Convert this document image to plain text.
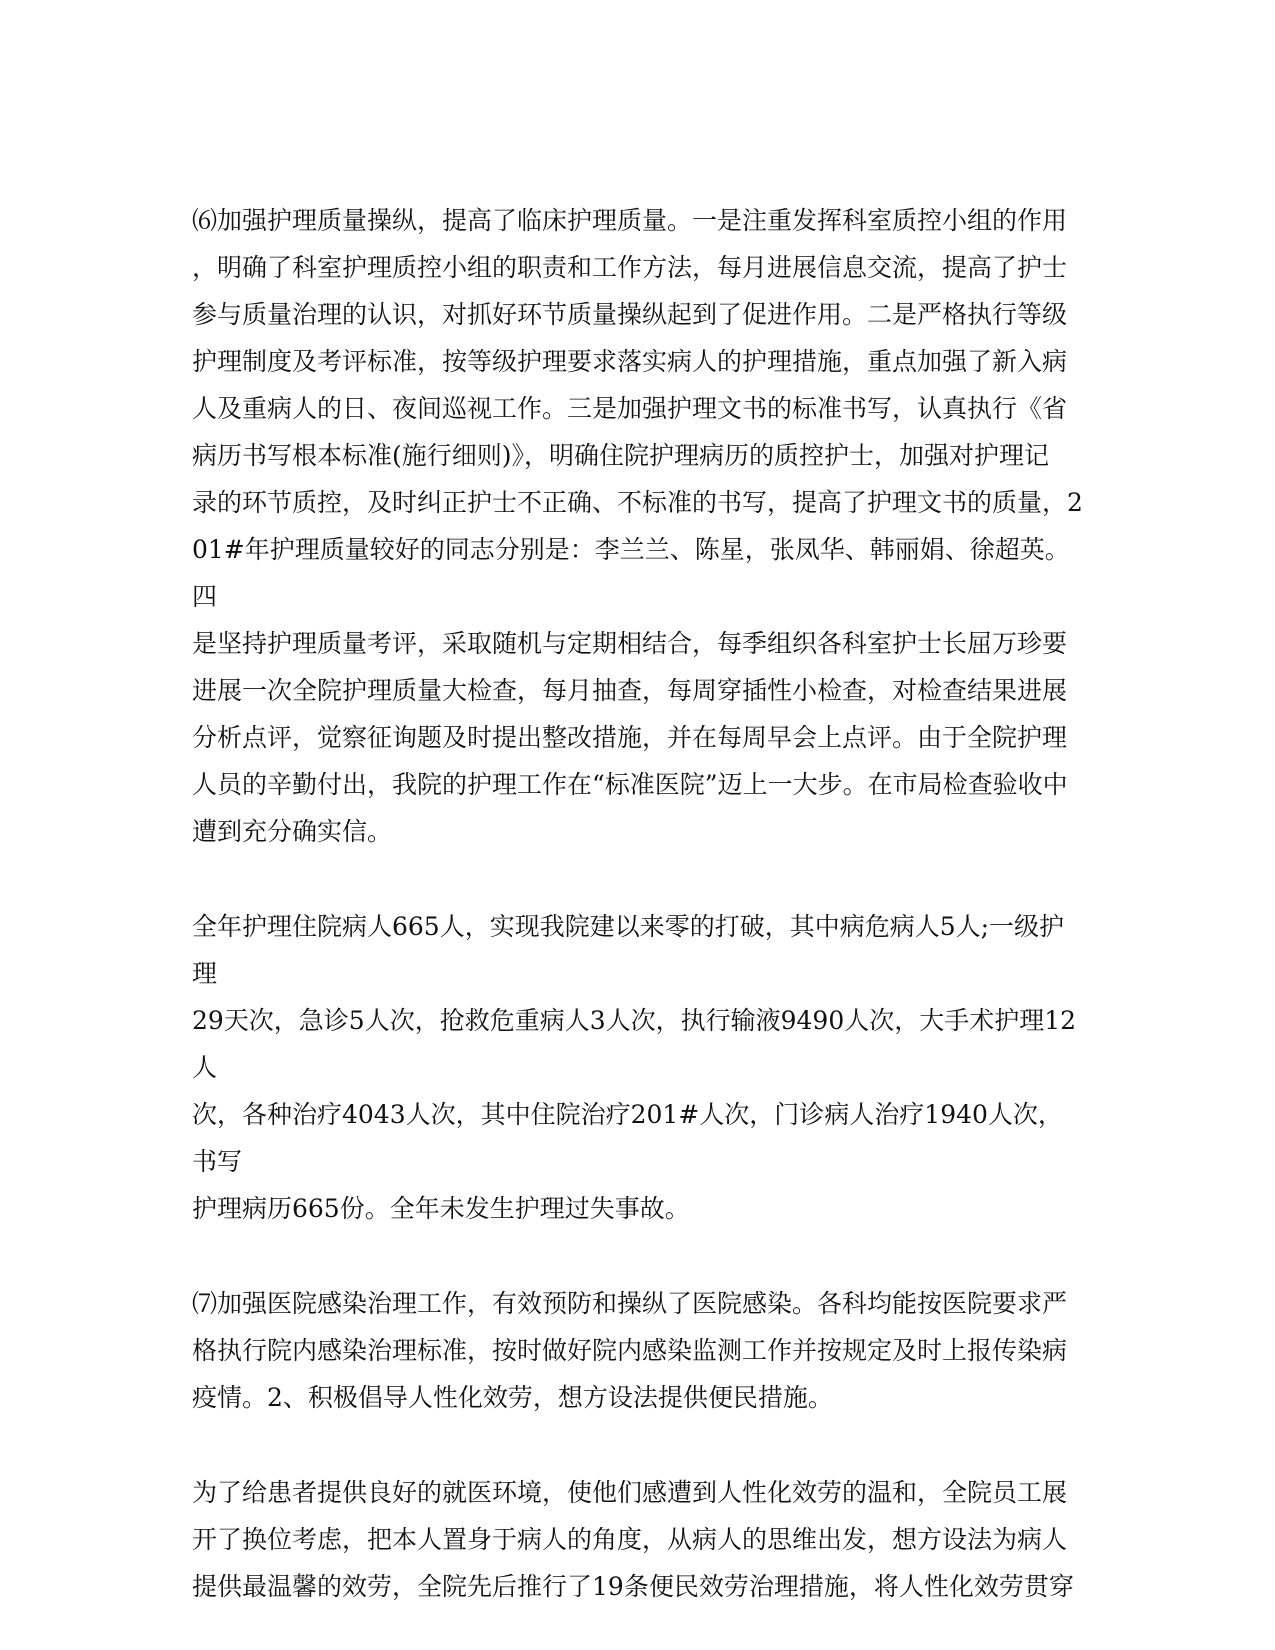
⑹加强护理质量操纵，提高了临床护理质量。一是注重发挥科室质控小组的作用
，明确了科室护理质控小组的职责和工作方法，每月进展信息交流，提高了护士
参与质量治理的认识，对抓好环节质量操纵起到了促进作用。二是严格执行等级
护理制度及考评标准，按等级护理要求落实病人的护理措施，重点加强了新入病
人及重病人的日、夜间巡视工作。三是加强护理文书的标准书写，认真执行《省
病历书写根本标准(施行细则)》，明确住院护理病历的质控护士，加强对护理记
录的环节质控，及时纠正护士不正确、不标准的书写，提高了护理文书的质量，2
01#年护理质量较好的同志分别是：李兰兰、陈星，张凤华、韩丽娟、徐超英。四
是坚持护理质量考评，采取随机与定期相结合，每季组织各科室护士长屈万珍要
进展一次全院护理质量大检查，每月抽查，每周穿插性小检查，对检查结果进展
分析点评，觉察征询题及时提出整改措施，并在每周早会上点评。由于全院护理
人员的辛勤付出，我院的护理工作在“标准医院”迈上一大步。在市局检查验收中
遭到充分确实信。

全年护理住院病人665人，实现我院建以来零的打破，其中病危病人5人;一级护理
29天次，急诊5人次，抢救危重病人3人次，执行输液9490人次，大手术护理12人
次，各种治疗4043人次，其中住院治疗201#人次，门诊病人治疗1940人次，书写
护理病历665份。全年未发生护理过失事故。

⑺加强医院感染治理工作，有效预防和操纵了医院感染。各科均能按医院要求严
格执行院内感染治理标准，按时做好院内感染监测工作并按规定及时上报传染病
疫情。2、积极倡导人性化效劳，想方设法提供便民措施。

为了给患者提供良好的就医环境，使他们感遭到人性化效劳的温和，全院员工展
开了换位考虑，把本人置身于病人的角度，从病人的思维出发，想方设法为病人
提供最温馨的效劳，全院先后推行了19条便民效劳治理措施，将人性化效劳贯穿
